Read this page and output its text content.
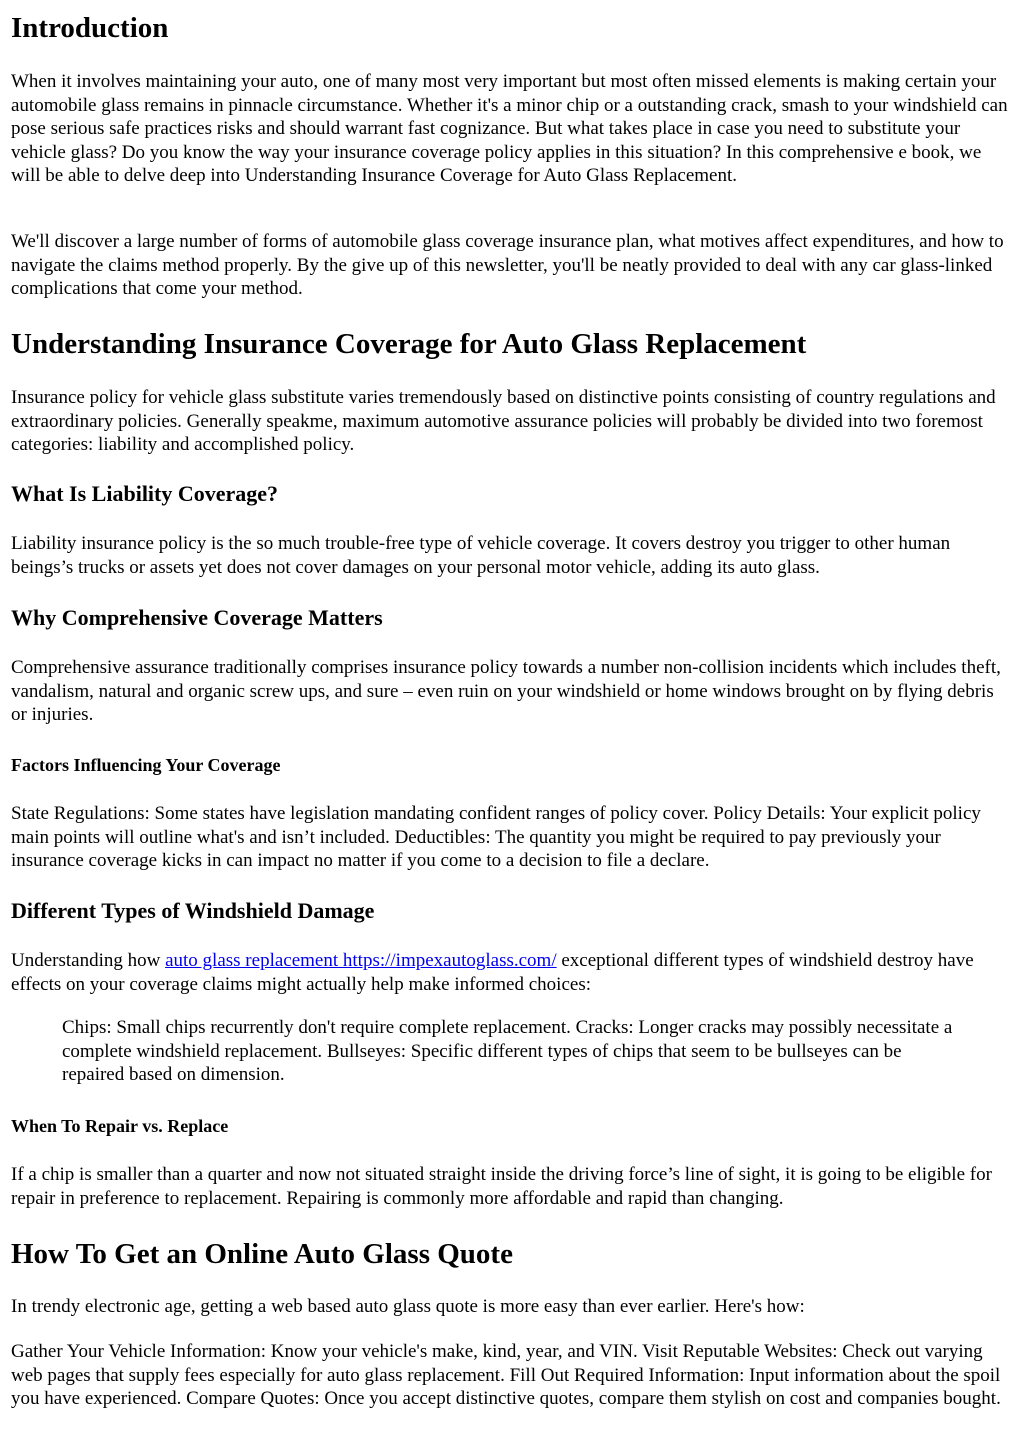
Introduction

When it involves maintaining your auto, one of many most very important but most often missed elements is making certain your automobile glass remains in pinnacle circumstance. Whether it's a minor chip or a outstanding crack, smash to your windshield can pose serious safe practices risks and should warrant fast cognizance. But what takes place in case you need to substitute your vehicle glass? Do you know the way your insurance coverage policy applies in this situation? In this comprehensive e book, we will be able to delve deep into Understanding Insurance Coverage for Auto Glass Replacement.

We'll discover a large number of forms of automobile glass coverage insurance plan, what motives affect expenditures, and how to navigate the claims method properly. By the give up of this newsletter, you'll be neatly provided to deal with any car glass-linked complications that come your method.

Understanding Insurance Coverage for Auto Glass Replacement

Insurance policy for vehicle glass substitute varies tremendously based on distinctive points consisting of country regulations and extraordinary policies. Generally speakme, maximum automotive assurance policies will probably be divided into two foremost categories: liability and accomplished policy.

What Is Liability Coverage?

Liability insurance policy is the so much trouble-free type of vehicle coverage. It covers destroy you trigger to other human beings’s trucks or assets yet does not cover damages on your personal motor vehicle, adding its auto glass.

Why Comprehensive Coverage Matters

Comprehensive assurance traditionally comprises insurance policy towards a number non-collision incidents which includes theft, vandalism, natural and organic screw ups, and sure – even ruin on your windshield or home windows brought on by flying debris or injuries.

Factors Influencing Your Coverage

State Regulations: Some states have legislation mandating confident ranges of policy cover. Policy Details: Your explicit policy main points will outline what's and isn’t included. Deductibles: The quantity you might be required to pay previously your insurance coverage kicks in can impact no matter if you come to a decision to file a declare.

Different Types of Windshield Damage

Understanding how auto glass replacement https://impexautoglass.com/ exceptional different types of windshield destroy have effects on your coverage claims might actually help make informed choices:

Chips: Small chips recurrently don't require complete replacement. Cracks: Longer cracks may possibly necessitate a complete windshield replacement. Bullseyes: Specific different types of chips that seem to be bullseyes can be repaired based on dimension.
When To Repair vs. Replace

If a chip is smaller than a quarter and now not situated straight inside the driving force’s line of sight, it is going to be eligible for repair in preference to replacement. Repairing is commonly more affordable and rapid than changing.

How To Get an Online Auto Glass Quote

In trendy electronic age, getting a web based auto glass quote is more easy than ever earlier. Here's how:

Gather Your Vehicle Information: Know your vehicle's make, kind, year, and VIN. Visit Reputable Websites: Check out varying web pages that supply fees especially for auto glass replacement. Fill Out Required Information: Input information about the spoil you have experienced. Compare Quotes: Once you accept distinctive quotes, compare them stylish on cost and companies bought.
